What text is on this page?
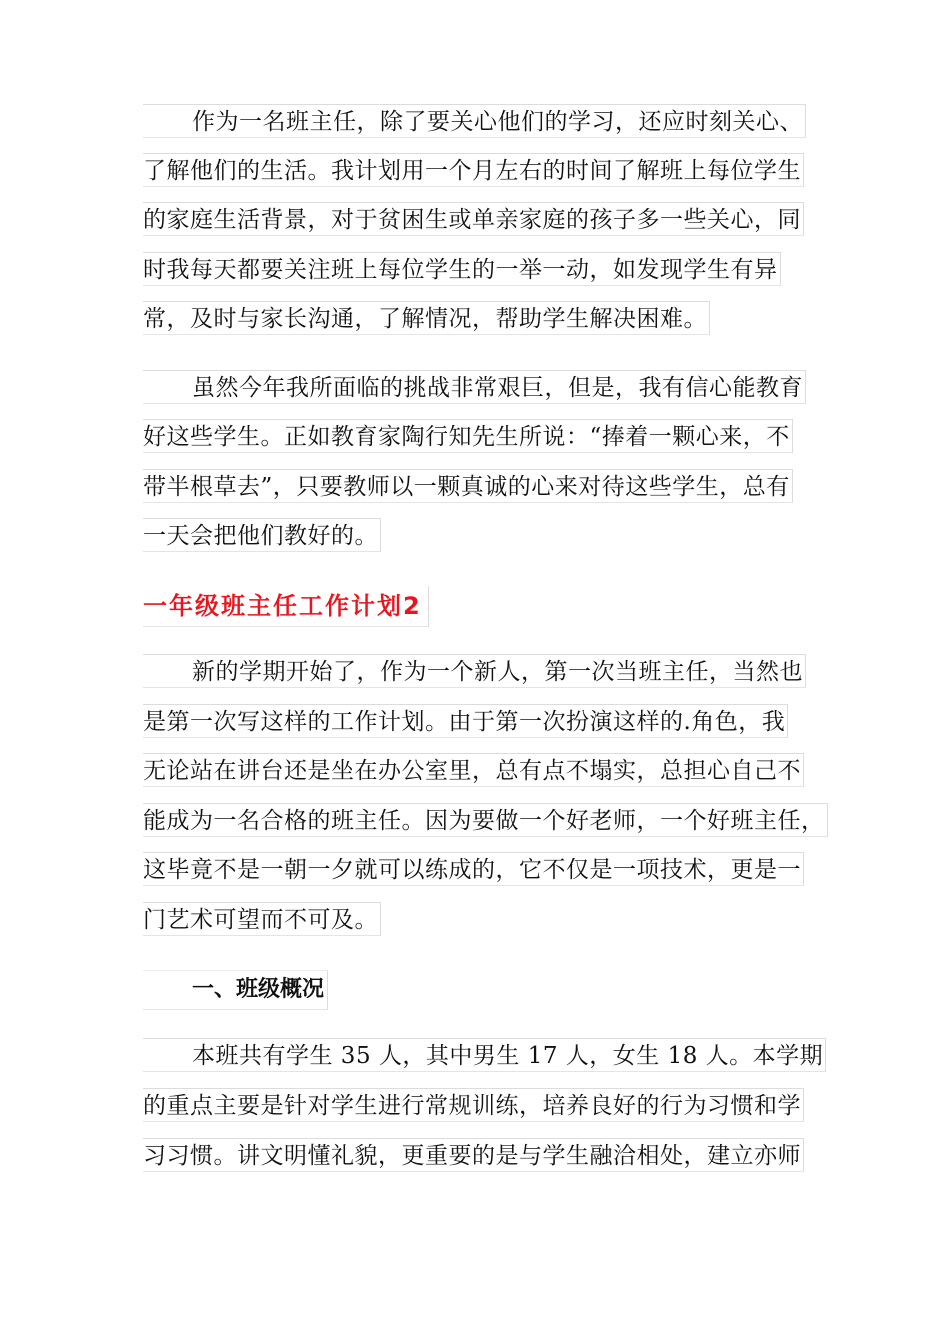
作为一名班主任，除了要关心他们的学习，还应时刻关心、
了解他们的生活。我计划用一个月左右的时间了解班上每位学生
的家庭生活背景，对于贫困生或单亲家庭的孩子多一些关心，同
时我每天都要关注班上每位学生的一举一动，如发现学生有异
常，及时与家长沟通，了解情况，帮助学生解决困难。
虽然今年我所面临的挑战非常艰巨，但是，我有信心能教育
好这些学生。正如教育家陶行知先生所说：“捧着一颗心来，不
带半根草去”，只要教师以一颗真诚的心来对待这些学生，总有
一天会把他们教好的。
一年级班主任工作计划2
新的学期开始了，作为一个新人，第一次当班主任，当然也
是第一次写这样的工作计划。由于第一次扮演这样的.角色，我
无论站在讲台还是坐在办公室里，总有点不塌实，总担心自己不
能成为一名合格的班主任。因为要做一个好老师，一个好班主任，
这毕竟不是一朝一夕就可以练成的，它不仅是一项技术，更是一
门艺术可望而不可及。
一、班级概况
本班共有学生 35 人，其中男生 17 人，女生 18 人。本学期
的重点主要是针对学生进行常规训练，培养良好的行为习惯和学
习习惯。讲文明懂礼貌，更重要的是与学生融洽相处，建立亦师
